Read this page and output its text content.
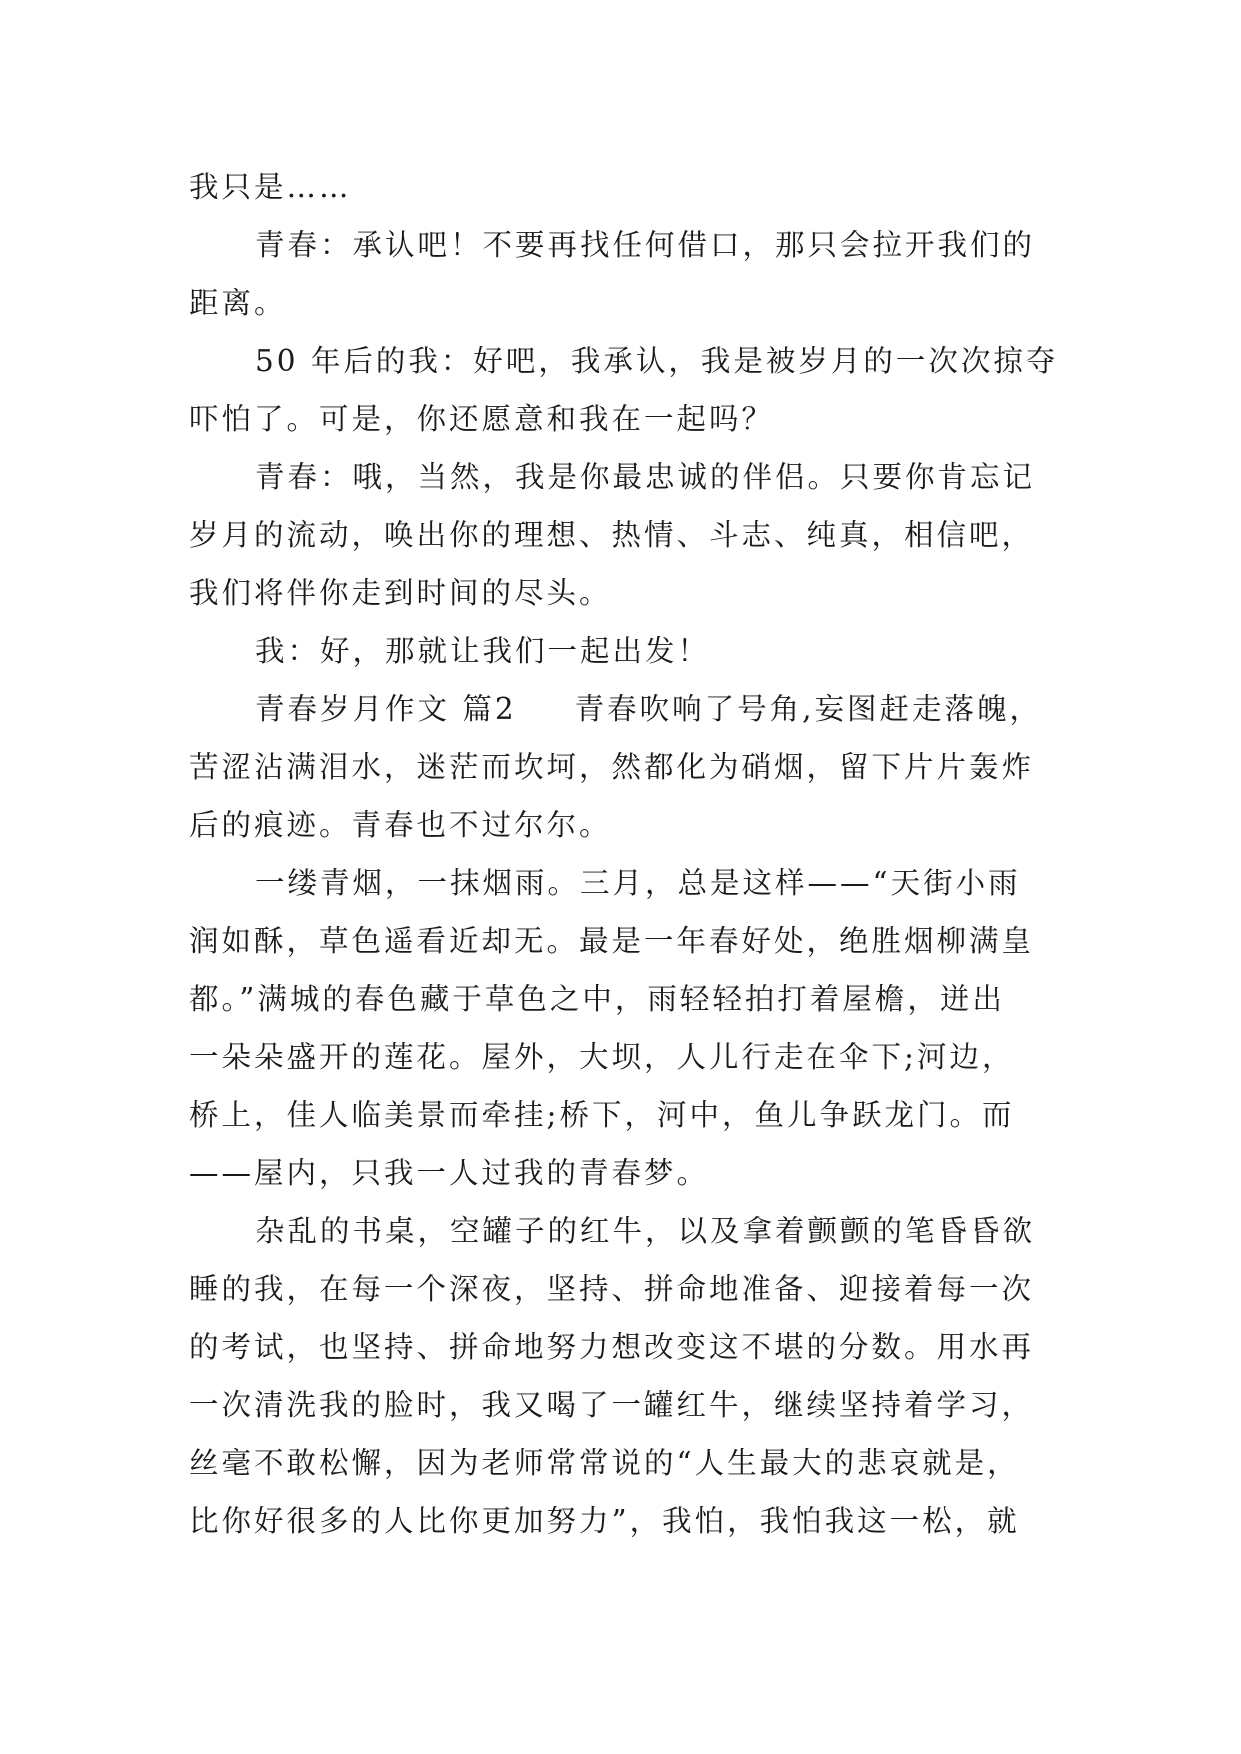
我只是……
青春：承认吧！不要再找任何借口，那只会拉开我们的
距离。
50 年后的我：好吧，我承认，我是被岁月的一次次掠夺
吓怕了。可是，你还愿意和我在一起吗？
青春：哦，当然，我是你最忠诚的伴侣。只要你肯忘记
岁月的流动，唤出你的理想、热情、斗志、纯真，相信吧，
我们将伴你走到时间的尽头。
我：好，那就让我们一起出发！
青春岁月作文 篇2 青春吹响了号角,妄图赶走落魄，
苦涩沾满泪水，迷茫而坎坷，然都化为硝烟，留下片片轰炸
后的痕迹。青春也不过尔尔。
一缕青烟，一抹烟雨。三月，总是这样——“天街小雨
润如酥，草色遥看近却无。最是一年春好处，绝胜烟柳满皇
都。”满城的春色藏于草色之中，雨轻轻拍打着屋檐，迸出
一朵朵盛开的莲花。屋外，大坝，人儿行走在伞下;河边，
桥上，佳人临美景而牵挂;桥下，河中，鱼儿争跃龙门。而
——屋内，只我一人过我的青春梦。
杂乱的书桌，空罐子的红牛，以及拿着颤颤的笔昏昏欲
睡的我，在每一个深夜，坚持、拼命地准备、迎接着每一次
的考试，也坚持、拼命地努力想改变这不堪的分数。用水再
一次清洗我的脸时，我又喝了一罐红牛，继续坚持着学习，
丝毫不敢松懈，因为老师常常说的“人生最大的悲哀就是，
比你好很多的人比你更加努力”，我怕，我怕我这一松，就
